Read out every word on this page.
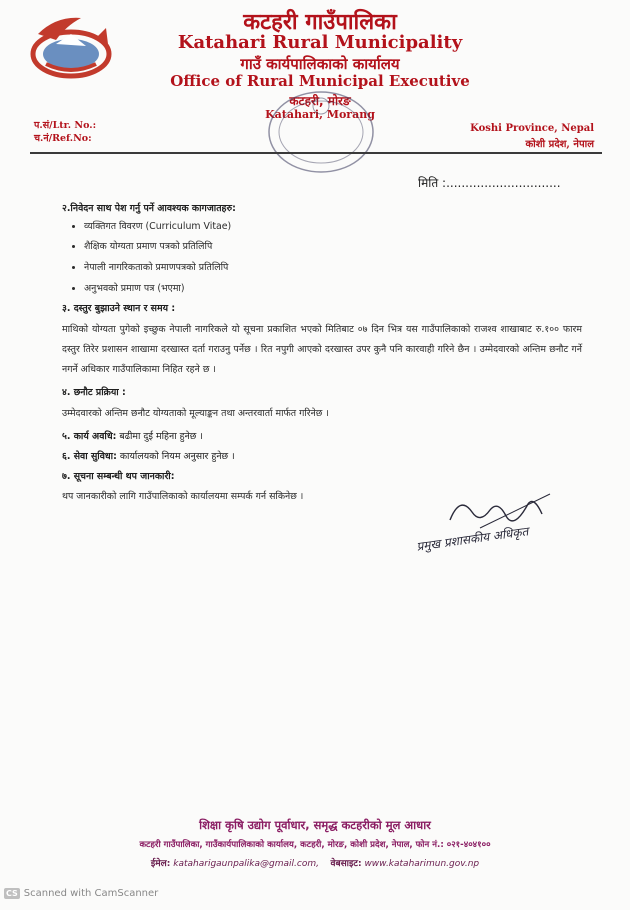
कटहरी गाउँपालिका
Katahari Rural Municipality
गाउँ कार्यपालिकाको कार्यालय
Office of Rural Municipal Executive
कटहरी, मोरङ
Katahari, Morang
प.सं/Ltr. No.:
च.नं/Ref.No:
Koshi Province, Nepal
कोशी प्रदेश, नेपाल
मिति :..............................
२.निवेदन साथ पेश गर्नु पर्ने आवश्यक कागजातहरु:
• व्यक्तिगत विवरण (Curriculum Vitae)
• शैक्षिक योग्यता प्रमाण पत्रको प्रतिलिपि
• नेपाली नागरिकताको प्रमाणपत्रको प्रतिलिपि
• अनुभवको प्रमाण पत्र (भएमा)
३. दस्तुर बुझाउने स्थान र समय :

माथिको योग्यता पुगेको इच्छुक नेपाली नागरिकले यो सूचना प्रकाशित भएको मितिबाट ०७ दिन भित्र यस गाउँपालिकाको राजश्व शाखाबाट रु.१०० फारम दस्तुर तिरेर प्रशासन शाखामा दरखास्त दर्ता गराउनु पर्नेछ । रित नपुगी आएको दरखास्त उपर कुनै पनि कारवाही गरिने छैन । उम्मेदवारको अन्तिम छनौट गर्ने नगर्ने अधिकार गाउँपालिकामा निहित रहने छ ।

४. छनौट प्रक्रिया :

उम्मेदवारको अन्तिम छनौट योग्यताको मूल्याङ्कन तथा अन्तरवार्ता मार्फत गरिनेछ ।

५. कार्य अवधि: बढीमा दुई महिना हुनेछ ।
६. सेवा सुविधा: कार्यालयको नियम अनुसार हुनेछ ।
७. सूचना सम्बन्धी थप जानकारी:

थप जानकारीको लागि गाउँपालिकाको कार्यालयमा सम्पर्क गर्न सकिनेछ ।

प्रमुख प्रशासकीय अधिकृत
शिक्षा कृषि उद्योग पूर्वाधार, समृद्ध कटहरीको मूल आधार
कटहरी गाउँपालिका, गाउँकार्यपालिकाको कार्यालय, कटहरी, मोरङ, कोशी प्रदेश, नेपाल, फोन नं.: ०२१-४०४१००
ईमेल: kataharigaunpalika@gmail.com, वेबसाइट: www.kataharimun.gov.np
CS Scanned with CamScanner
